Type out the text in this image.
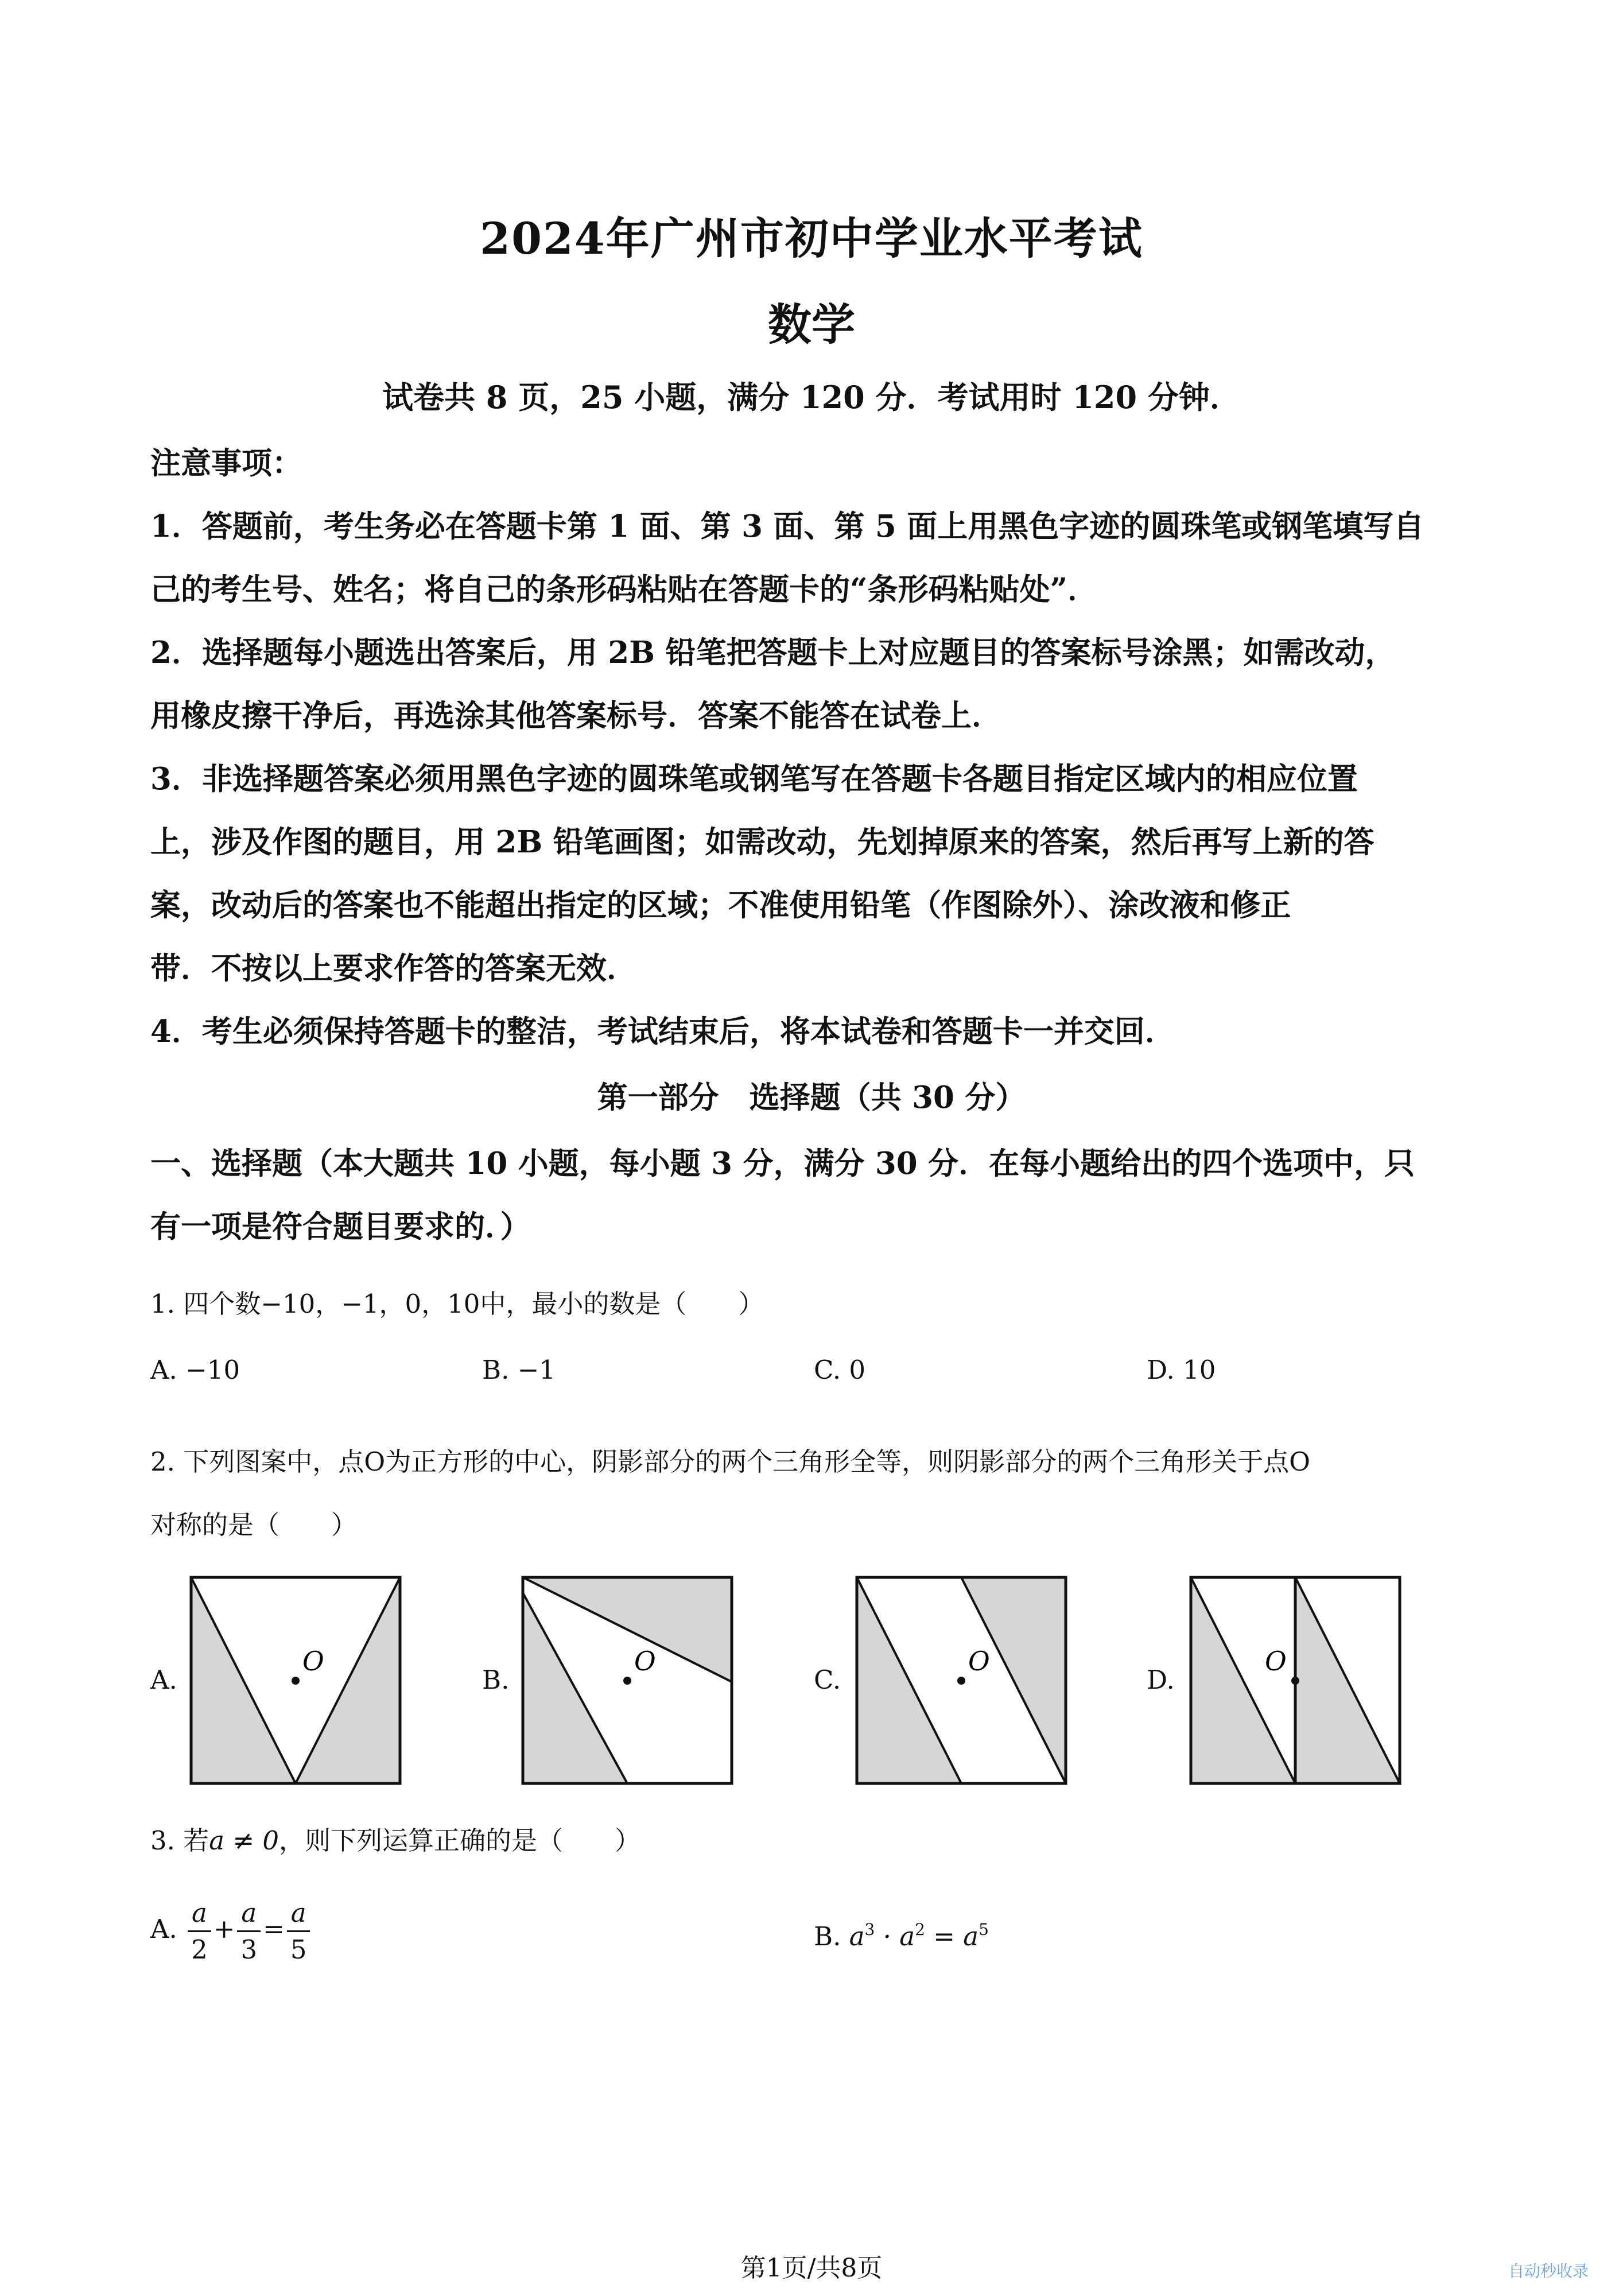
2024年广州市初中学业水平考试
数学
试卷共 8 页，25 小题，满分 120 分．考试用时 120 分钟．
注意事项：
1．答题前，考生务必在答题卡第 1 面、第 3 面、第 5 面上用黑色字迹的圆珠笔或钢笔填写自
己的考生号、姓名；将自己的条形码粘贴在答题卡的“条形码粘贴处”．
2．选择题每小题选出答案后，用 2B 铅笔把答题卡上对应题目的答案标号涂黑；如需改动，
用橡皮擦干净后，再选涂其他答案标号．答案不能答在试卷上．
3．非选择题答案必须用黑色字迹的圆珠笔或钢笔写在答题卡各题目指定区域内的相应位置
上，涉及作图的题目，用 2B 铅笔画图；如需改动，先划掉原来的答案，然后再写上新的答
案，改动后的答案也不能超出指定的区域；不准使用铅笔（作图除外）、涂改液和修正
带．不按以上要求作答的答案无效．
4．考生必须保持答题卡的整洁，考试结束后，将本试卷和答题卡一并交回．
第一部分　选择题（共 30 分）
一、选择题（本大题共 10 小题，每小题 3 分，满分 30 分．在每小题给出的四个选项中，只
有一项是符合题目要求的．）
1. 四个数−10，−1，0，10中，最小的数是（　　）
A. −10	B. −1	C. 0	D. 10
2. 下列图案中，点O为正方形的中心，阴影部分的两个三角形全等，则阴影部分的两个三角形关于点O
对称的是（　　）
A.
O
B.
O
C.
O
D.
O
3. 若a ≠ 0，则下列运算正确的是（　　）
A. $\frac{a}{2} + \frac{a}{3} = \frac{a}{5}$	B. $a^3 \cdot a^2 = a^5$
第1页/共8页	自动秒收录
